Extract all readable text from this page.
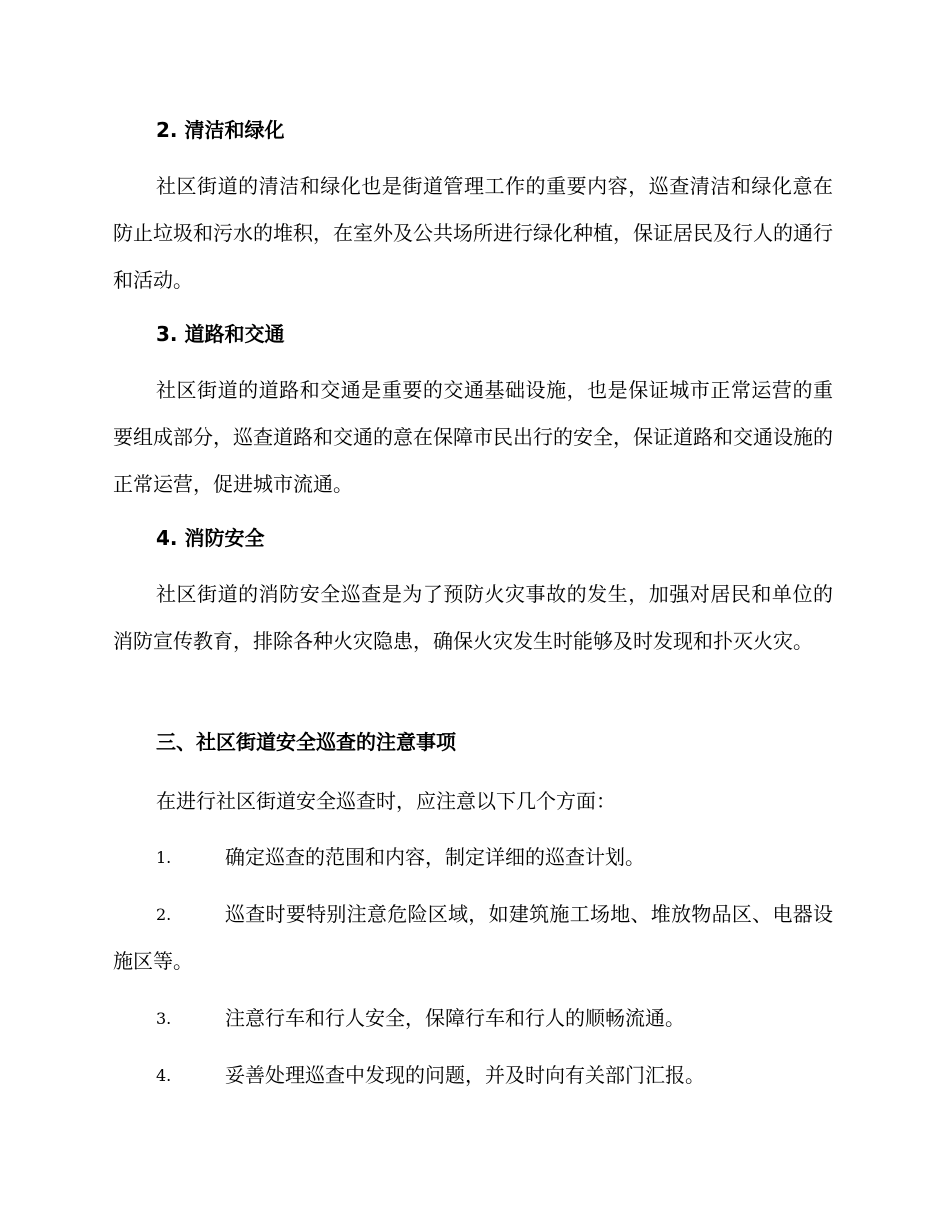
2. 清洁和绿化
社区街道的清洁和绿化也是街道管理工作的重要内容，巡查清洁和绿化意在防止垃圾和污水的堆积，在室外及公共场所进行绿化种植，保证居民及行人的通行和活动。
3. 道路和交通
社区街道的道路和交通是重要的交通基础设施，也是保证城市正常运营的重要组成部分，巡查道路和交通的意在保障市民出行的安全，保证道路和交通设施的正常运营，促进城市流通。
4. 消防安全
社区街道的消防安全巡查是为了预防火灾事故的发生，加强对居民和单位的消防宣传教育，排除各种火灾隐患，确保火灾发生时能够及时发现和扑灭火灾。
三、社区街道安全巡查的注意事项
在进行社区街道安全巡查时，应注意以下几个方面：
1.	确定巡查的范围和内容，制定详细的巡查计划。
2.	巡查时要特别注意危险区域，如建筑施工场地、堆放物品区、电器设施区等。
3.	注意行车和行人安全，保障行车和行人的顺畅流通。
4.	妥善处理巡查中发现的问题，并及时向有关部门汇报。
